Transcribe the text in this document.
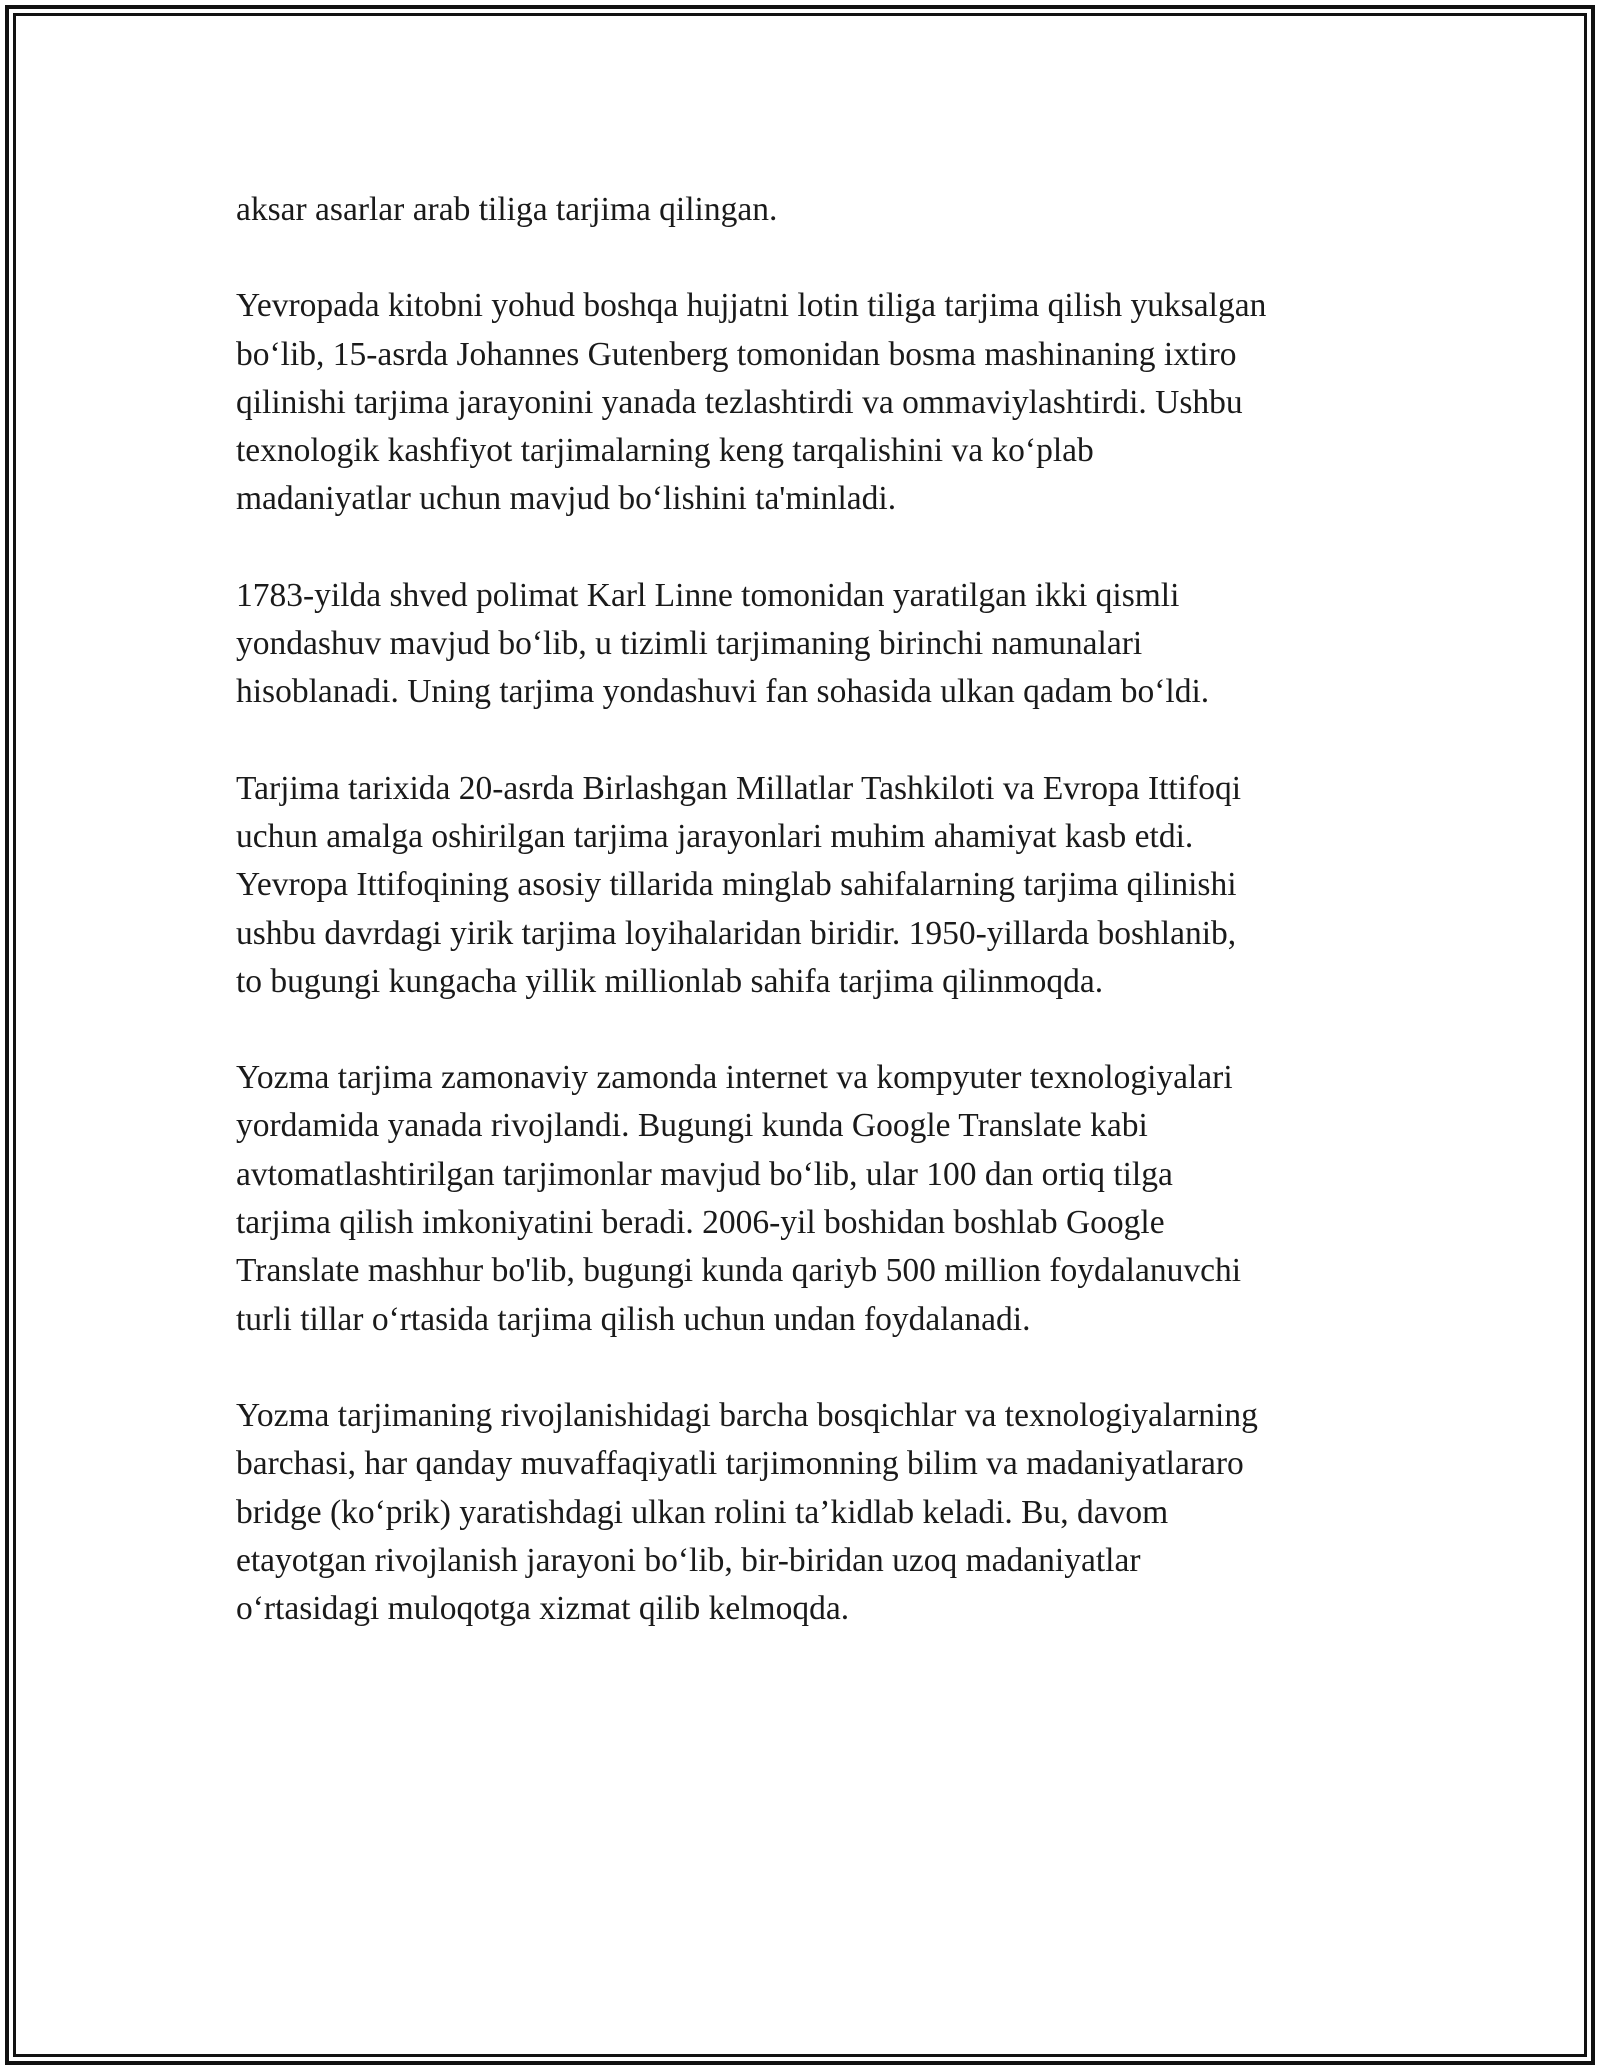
aksar asarlar arab tiliga tarjima qilingan.

Yevropada kitobni yohud boshqa hujjatni lotin tiliga tarjima qilish yuksalgan
bo‘lib, 15-asrda Johannes Gutenberg tomonidan bosma mashinaning ixtiro
qilinishi tarjima jarayonini yanada tezlashtirdi va ommaviylashtirdi. Ushbu
texnologik kashfiyot tarjimalarning keng tarqalishini va ko‘plab
madaniyatlar uchun mavjud bo‘lishini ta'minladi.

1783-yilda shved polimat Karl Linne tomonidan yaratilgan ikki qismli
yondashuv mavjud bo‘lib, u tizimli tarjimaning birinchi namunalari
hisoblanadi. Uning tarjima yondashuvi fan sohasida ulkan qadam bo‘ldi.

Tarjima tarixida 20-asrda Birlashgan Millatlar Tashkiloti va Evropa Ittifoqi
uchun amalga oshirilgan tarjima jarayonlari muhim ahamiyat kasb etdi.
Yevropa Ittifoqining asosiy tillarida minglab sahifalarning tarjima qilinishi
ushbu davrdagi yirik tarjima loyihalaridan biridir. 1950-yillarda boshlanib,
to bugungi kungacha yillik millionlab sahifa tarjima qilinmoqda.

Yozma tarjima zamonaviy zamonda internet va kompyuter texnologiyalari
yordamida yanada rivojlandi. Bugungi kunda Google Translate kabi
avtomatlashtirilgan tarjimonlar mavjud bo‘lib, ular 100 dan ortiq tilga
tarjima qilish imkoniyatini beradi. 2006-yil boshidan boshlab Google
Translate mashhur bo'lib, bugungi kunda qariyb 500 million foydalanuvchi
turli tillar o‘rtasida tarjima qilish uchun undan foydalanadi.

Yozma tarjimaning rivojlanishidagi barcha bosqichlar va texnologiyalarning
barchasi, har qanday muvaffaqiyatli tarjimonning bilim va madaniyatlararo
bridge (ko‘prik) yaratishdagi ulkan rolini ta’kidlab keladi. Bu, davom
etayotgan rivojlanish jarayoni bo‘lib, bir-biridan uzoq madaniyatlar
o‘rtasidagi muloqotga xizmat qilib kelmoqda.
